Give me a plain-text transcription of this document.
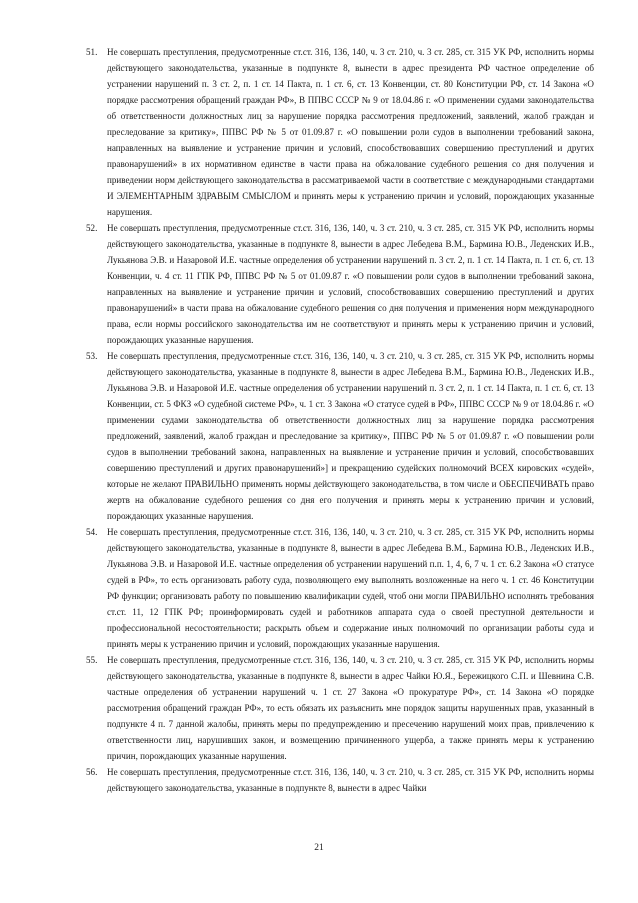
51.	Не совершать преступления, предусмотренные ст.ст. 316, 136, 140, ч. 3 ст. 210, ч. 3 ст. 285, ст. 315 УК РФ, исполнить нормы действующего законодательства, указанные в подпункте 8, вынести в адрес президента РФ частное определение об устранении нарушений п. 3 ст. 2, п. 1 ст. 14 Пакта, п. 1 ст. 6, ст. 13 Конвенции, ст. 80 Конституции РФ, ст. 14 Закона «О порядке рассмотрения обращений граждан РФ», В ППВС СССР № 9 от 18.04.86 г. «О применении судами законодательства об ответственности должностных лиц за нарушение порядка рассмотрения предложений, заявлений, жалоб граждан и преследование за критику», ППВС РФ № 5 от 01.09.87 г. «О повышении роли судов в выполнении требований закона, направленных на выявление и устранение причин и условий, способствовавших совершению преступлений и других правонарушений» в их нормативном единстве в части права на обжалование судебного решения со дня получения и приведении норм действующего законодательства в рассматриваемой части в соответствие с международными стандартами И ЭЛЕМЕНТАРНЫМ ЗДРАВЫМ СМЫСЛОМ и принять меры к устранению причин и условий, порождающих указанные нарушения.
52.	Не совершать преступления, предусмотренные ст.ст. 316, 136, 140, ч. 3 ст. 210, ч. 3 ст. 285, ст. 315 УК РФ, исполнить нормы действующего законодательства, указанные в подпункте 8, вынести в адрес Лебедева В.М., Бармина Ю.В., Леденских И.В., Лукьянова Э.В. и Назаровой И.Е. частные определения об устранении нарушений п. 3 ст. 2, п. 1 ст. 14 Пакта, п. 1 ст. 6, ст. 13 Конвенции, ч. 4 ст. 11 ГПК РФ, ППВС РФ № 5 от 01.09.87 г. «О повышении роли судов в выполнении требований закона, направленных на выявление и устранение причин и условий, способствовавших совершению преступлений и других правонарушений» в части права на обжалование судебного решения со дня получения и применения норм международного права, если нормы российского законодательства им не соответствуют и принять меры к устранению причин и условий, порождающих указанные нарушения.
53.	Не совершать преступления, предусмотренные ст.ст. 316, 136, 140, ч. 3 ст. 210, ч. 3 ст. 285, ст. 315 УК РФ, исполнить нормы действующего законодательства, указанные в подпункте 8, вынести в адрес Лебедева В.М., Бармина Ю.В., Леденских И.В., Лукьянова Э.В. и Назаровой И.Е. частные определения об устранении нарушений п. 3 ст. 2, п. 1 ст. 14 Пакта, п. 1 ст. 6, ст. 13 Конвенции, ст. 5 ФКЗ «О судебной системе РФ», ч. 1 ст. 3 Закона «О статусе судей в РФ», ППВС СССР № 9 от 18.04.86 г. «О применении судами законодательства об ответственности должностных лиц за нарушение порядка рассмотрения предложений, заявлений, жалоб граждан и преследование за критику», ППВС РФ № 5 от 01.09.87 г. «О повышении роли судов в выполнении требований закона, направленных на выявление и устранение причин и условий, способствовавших совершению преступлений и других правонарушений»] и прекращению судейских полномочий ВСЕХ кировских «судей», которые не желают ПРАВИЛЬНО применять нормы действующего законодательства, в том числе и ОБЕСПЕЧИВАТЬ право жертв на обжалование судебного решения со дня его получения и принять меры к устранению причин и условий, порождающих указанные нарушения.
54.	Не совершать преступления, предусмотренные ст.ст. 316, 136, 140, ч. 3 ст. 210, ч. 3 ст. 285, ст. 315 УК РФ, исполнить нормы действующего законодательства, указанные в подпункте 8, вынести в адрес Лебедева В.М., Бармина Ю.В., Леденских И.В., Лукьянова Э.В. и Назаровой И.Е. частные определения об устранении нарушений п.п. 1, 4, 6, 7 ч. 1 ст. 6.2 Закона «О статусе судей в РФ», то есть организовать работу суда, позволяющего ему выполнять возложенные на него ч. 1 ст. 46 Конституции РФ функции; организовать работу по повышению квалификации судей, чтоб они могли ПРАВИЛЬНО исполнять требования ст.ст. 11, 12 ГПК РФ; проинформировать судей и работников аппарата суда о своей преступной деятельности и профессиональной несостоятельности; раскрыть объем и содержание иных полномочий по организации работы суда и принять меры к устранению причин и условий, порождающих указанные нарушения.
55.	Не совершать преступления, предусмотренные ст.ст. 316, 136, 140, ч. 3 ст. 210, ч. 3 ст. 285, ст. 315 УК РФ, исполнить нормы действующего законодательства, указанные в подпункте 8, вынести в адрес Чайки Ю.Я., Бережицкого С.П. и Шевнина С.В. частные определения об устранении нарушений ч. 1 ст. 27 Закона «О прокуратуре РФ», ст. 14 Закона «О порядке рассмотрения обращений граждан РФ», то есть обязать их разъяснить мне порядок защиты нарушенных прав, указанный в подпункте 4 п. 7 данной жалобы, принять меры по предупреждению и пресечению нарушений моих прав, привлечению к ответственности лиц, нарушивших закон, и возмещению причиненного ущерба, а также принять меры к устранению причин, порождающих указанные нарушения.
56.	Не совершать преступления, предусмотренные ст.ст. 316, 136, 140, ч. 3 ст. 210, ч. 3 ст. 285, ст. 315 УК РФ, исполнить нормы действующего законодательства, указанные в подпункте 8, вынести в адрес Чайки
21
